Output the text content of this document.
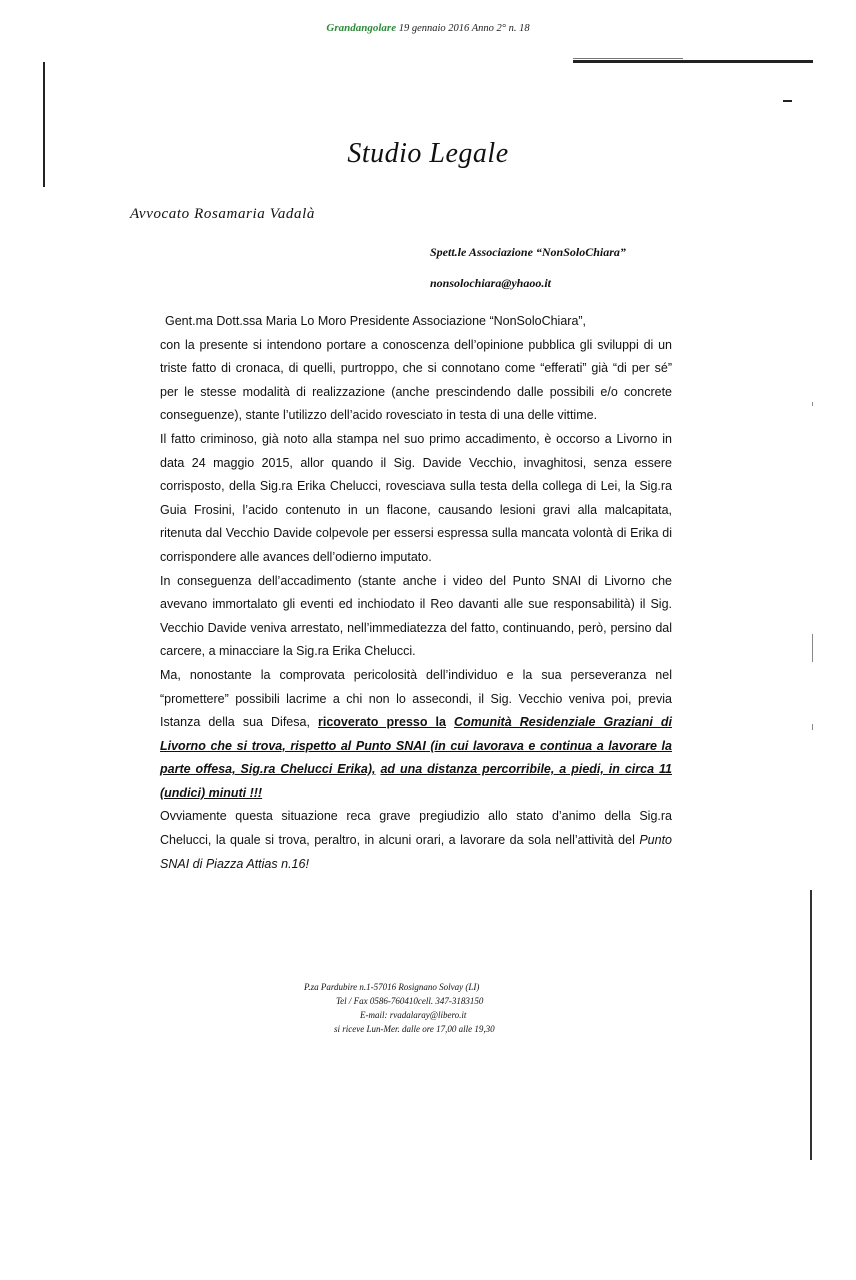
Grandangolare 19 gennaio 2016 Anno 2° n. 18
Studio Legale
Avvocato Rosamaria Vadalà
Spett.le Associazione “NonSoloChiara”
nonsolochiara@yhaoo.it

Gent.ma Dott.ssa Maria Lo Moro Presidente Associazione “NonSoloChiara”,

con la presente si intendono portare a conoscenza dell’opinione pubblica gli sviluppi di un triste fatto di cronaca, di quelli, purtroppo, che si connotano come “efferati” già “di per sé” per le stesse modalità di realizzazione (anche prescindendo dalle possibili e/o concrete conseguenze), stante l’utilizzo dell’acido rovesciato in testa di una delle vittime.

Il fatto criminoso, già noto alla stampa nel suo primo accadimento, è occorso a Livorno in data 24 maggio 2015, allor quando il Sig. Davide Vecchio, invaghitosi, senza essere corrisposto, della Sig.ra Erika Chelucci, rovesciava sulla testa della collega di Lei, la Sig.ra Guia Frosini, l’acido contenuto in un flacone, causando lesioni gravi alla malcapitata, ritenuta dal Vecchio Davide colpevole per essersi espressa sulla mancata volontà di Erika di corrispondere alle avances dell’odierno imputato.

In conseguenza dell’accadimento (stante anche i video del Punto SNAI di Livorno che avevano immortalato gli eventi ed inchiodato il Reo davanti alle sue responsabilità) il Sig. Vecchio Davide veniva arrestato, nell’immediatezza del fatto, continuando, però, persino dal carcere, a minacciare la Sig.ra Erika Chelucci.

Ma, nonostante la comprovata pericolosità dell’individuo e la sua perseveranza nel “promettere” possibili lacrime a chi non lo assecondi, il Sig. Vecchio veniva poi, previa Istanza della sua Difesa, ricoverato presso la Comunità Residenziale Graziani di Livorno che si trova, rispetto al Punto SNAI (in cui lavorava e continua a lavorare la parte offesa, Sig.ra Chelucci Erika), ad una distanza percorribile, a piedi, in circa 11 (undici) minuti !!!

Ovviamente questa situazione reca grave pregiudizio allo stato d’animo della Sig.ra Chelucci, la quale si trova, peraltro, in alcuni orari, a lavorare da sola nell’attività del Punto SNAI di Piazza Attias n.16!

P.za Pardubire n.1-57016 Rosignano Solvay (LI)
Tel / Fax 0586-760410cell. 347-3183150
E-mail: rvadalaray@libero.it
si riceve Lun-Mer. dalle ore 17,00 alle 19,30
